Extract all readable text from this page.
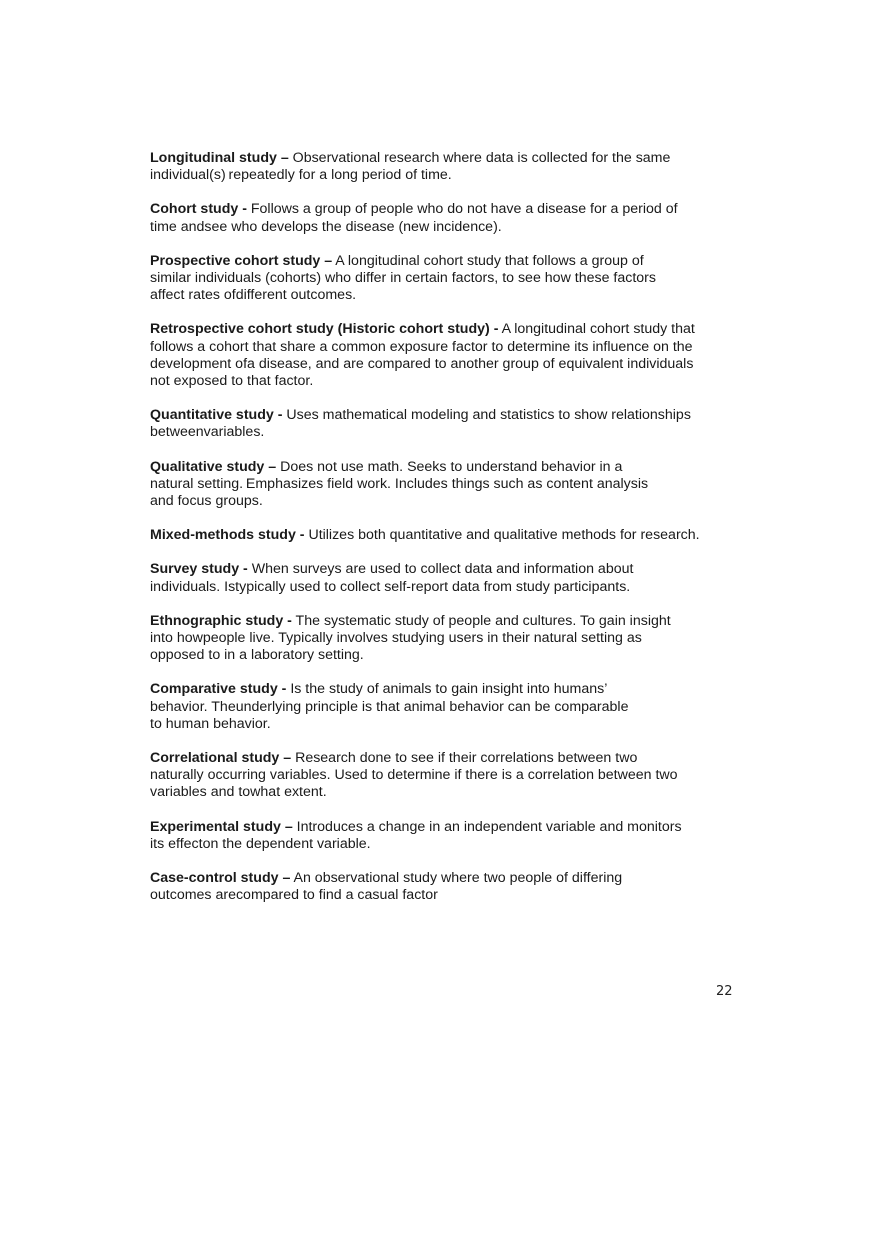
Longitudinal study – Observational research where data is collected for the same
individual(s) repeatedly for a long period of time.

Cohort study - Follows a group of people who do not have a disease for a period of
time andsee who develops the disease (new incidence).

Prospective cohort study – A longitudinal cohort study that follows a group of
similar individuals (cohorts) who differ in certain factors, to see how these factors
affect rates ofdifferent outcomes.

Retrospective cohort study (Historic cohort study) - A longitudinal cohort study that
follows a cohort that share a common exposure factor to determine its influence on the
development ofa disease, and are compared to another group of equivalent individuals
not exposed to that factor.

Quantitative study - Uses mathematical modeling and statistics to show relationships
betweenvariables.

Qualitative study – Does not use math. Seeks to understand behavior in a
natural setting. Emphasizes field work. Includes things such as content analysis
and focus groups.

Mixed-methods study - Utilizes both quantitative and qualitative methods for research.

Survey study - When surveys are used to collect data and information about
individuals. Istypically used to collect self-report data from study participants.

Ethnographic study - The systematic study of people and cultures. To gain insight
into howpeople live. Typically involves studying users in their natural setting as
opposed to in a laboratory setting.

Comparative study - Is the study of animals to gain insight into humans’
behavior. Theunderlying principle is that animal behavior can be comparable
to human behavior.

Correlational study – Research done to see if their correlations between two
naturally occurring variables. Used to determine if there is a correlation between two
variables and towhat extent.

Experimental study – Introduces a change in an independent variable and monitors
its effecton the dependent variable.

Case-control study – An observational study where two people of differing
outcomes arecompared to find a casual factor

22
